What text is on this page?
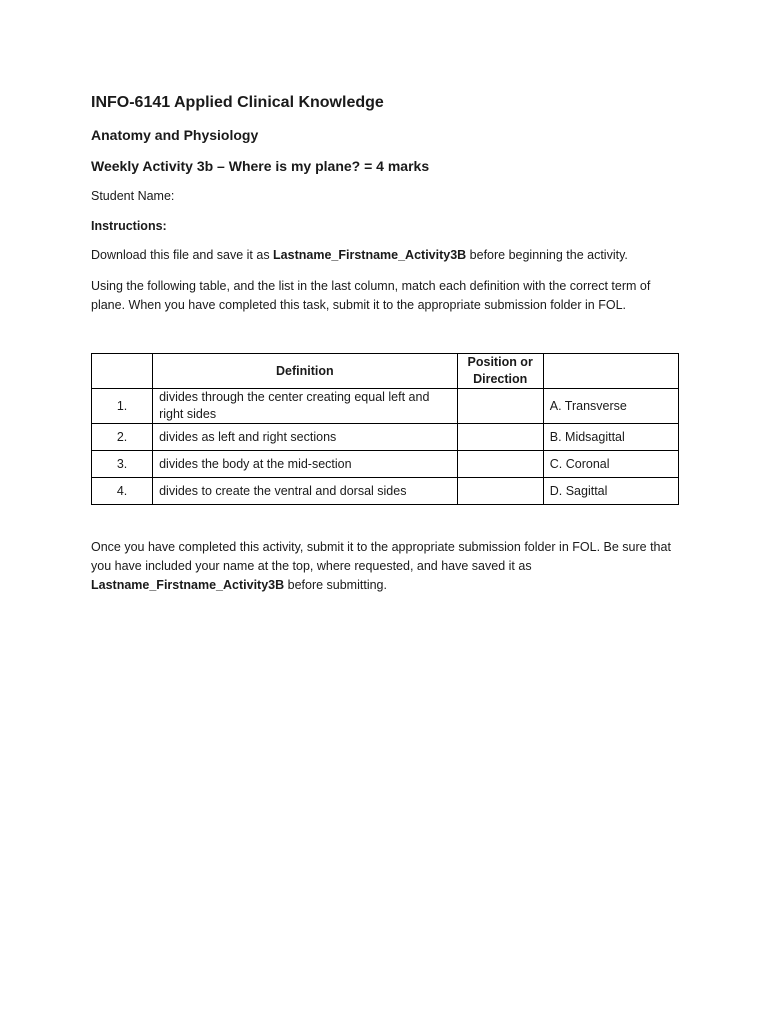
INFO-6141 Applied Clinical Knowledge
Anatomy and Physiology
Weekly Activity 3b – Where is my plane? = 4 marks
Student Name:
Instructions:
Download this file and save it as Lastname_Firstname_Activity3B before beginning the activity.
Using the following table, and the list in the last column, match each definition with the correct term of plane. When you have completed this task, submit it to the appropriate submission folder in FOL.
	Definition	Position or Direction	
1.	divides through the center creating equal left and right sides		A. Transverse
2.	divides as left and right sections		B. Midsagittal
3.	divides the body at the mid-section		C. Coronal
4.	divides to create the ventral and dorsal sides		D. Sagittal
Once you have completed this activity, submit it to the appropriate submission folder in FOL. Be sure that you have included your name at the top, where requested, and have saved it as Lastname_Firstname_Activity3B before submitting.
